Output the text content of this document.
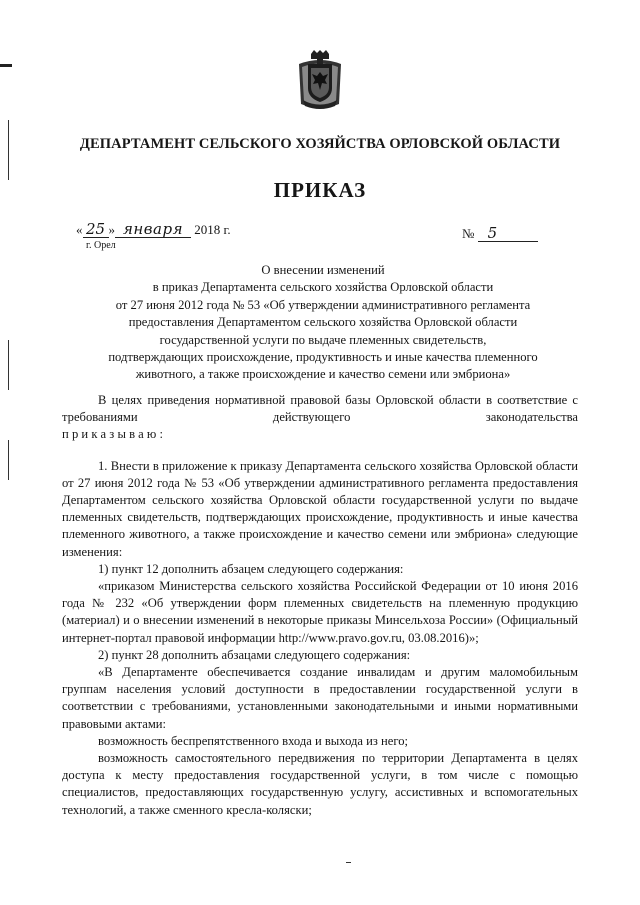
ДЕПАРТАМЕНТ СЕЛЬСКОГО ХОЗЯЙСТВА ОРЛОВСКОЙ ОБЛАСТИ
ПРИКАЗ
« 25 » января 2018 г.
г. Орел
№ 5
О внесении изменений
в приказ Департамента сельского хозяйства Орловской области
от 27 июня 2012 года № 53 «Об утверждении административного регламента
предоставления Департаментом сельского хозяйства Орловской области
государственной услуги по выдаче племенных свидетельств,
подтверждающих происхождение, продуктивность и иные качества племенного
животного, а также происхождение и качество семени или эмбриона»

В целях приведения нормативной правовой базы Орловской области в соответствие с требованиями действующего законодательства

приказываю:

1. Внести в приложение к приказу Департамента сельского хозяйства Орловской области от 27 июня 2012 года № 53 «Об утверждении административного регламента предоставления Департаментом сельского хозяйства Орловской области государственной услуги по выдаче племенных свидетельств, подтверждающих происхождение, продуктивность и иные качества племенного животного, а также происхождение и качество семени или эмбриона» следующие изменения:

1) пункт 12 дополнить абзацем следующего содержания:

«приказом Министерства сельского хозяйства Российской Федерации от 10 июня 2016 года № 232 «Об утверждении форм племенных свидетельств на племенную продукцию (материал) и о внесении изменений в некоторые приказы Минсельхоза России» (Официальный интернет-портал правовой информации http://www.pravo.gov.ru, 03.08.2016)»;

2) пункт 28 дополнить абзацами следующего содержания:

«В Департаменте обеспечивается создание инвалидам и другим маломобильным группам населения условий доступности в предоставлении государственной услуги в соответствии с требованиями, установленными законодательными и иными нормативными правовыми актами:

возможность беспрепятственного входа и выхода из него;

возможность самостоятельного передвижения по территории Департамента в целях доступа к месту предоставления государственной услуги, в том числе с помощью специалистов, предоставляющих государственную услугу, ассистивных и вспомогательных технологий, а также сменного кресла-коляски;
